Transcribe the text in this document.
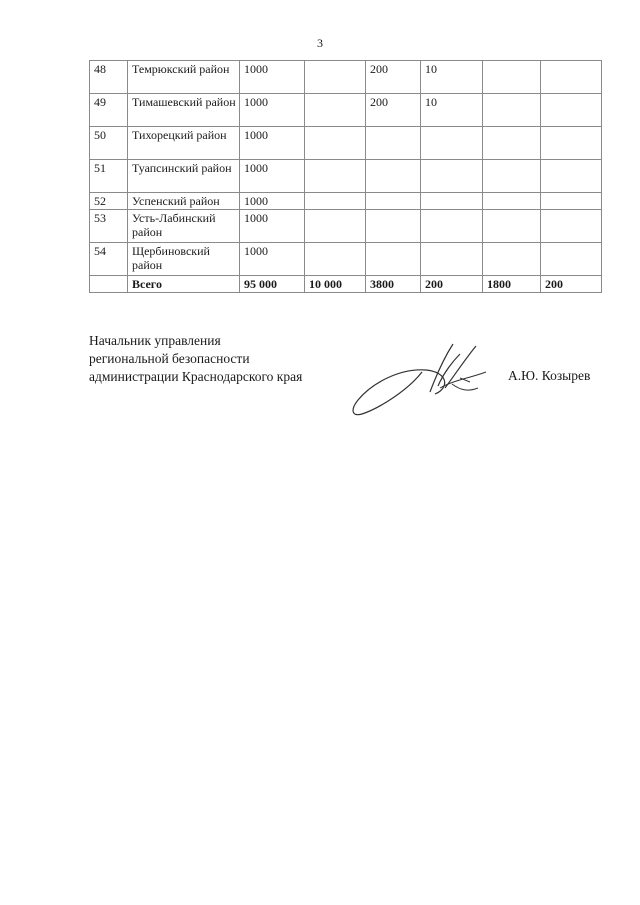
3
48	Темрюкский район	1000		200	10		
49	Тимашевский район	1000		200	10		
50	Тихорецкий район	1000					
51	Туапсинский район	1000					
52	Успенский район	1000					
53	Усть-Лабинский район	1000					
54	Щербиновский район	1000					
	Всего	95 000	10 000	3800	200	1800	200
Начальник управления
региональной безопасности
администрации Краснодарского края	А.Ю. Козырев
